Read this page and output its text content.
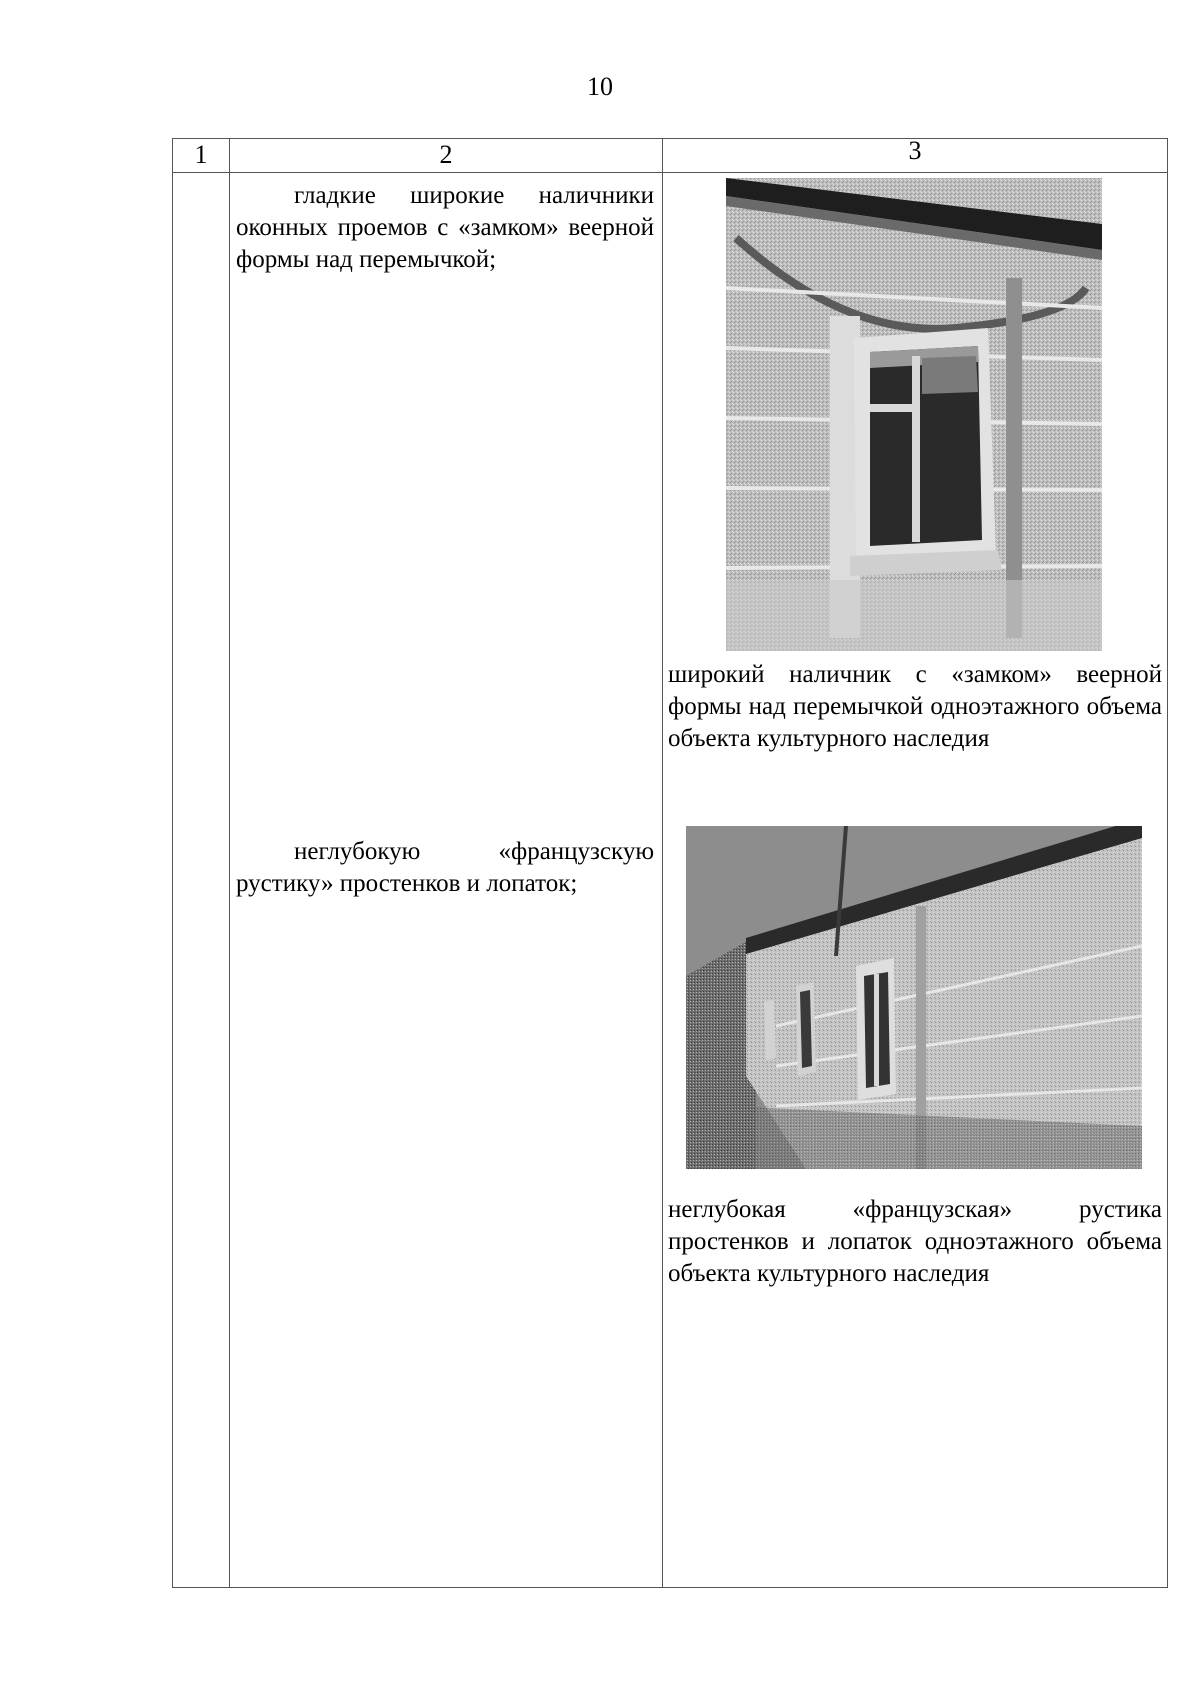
10
1	2	3
гладкие широкие наличники оконных проемов с «замком» веерной формы над перемычкой;
неглубокую «французскую рустику» простенков и лопаток;
широкий наличник с «замком» веерной формы над перемычкой одноэтажного объема объекта культурного наследия
неглубокая «французская» рустика простенков и лопаток одноэтажного объема объекта культурного наследия
